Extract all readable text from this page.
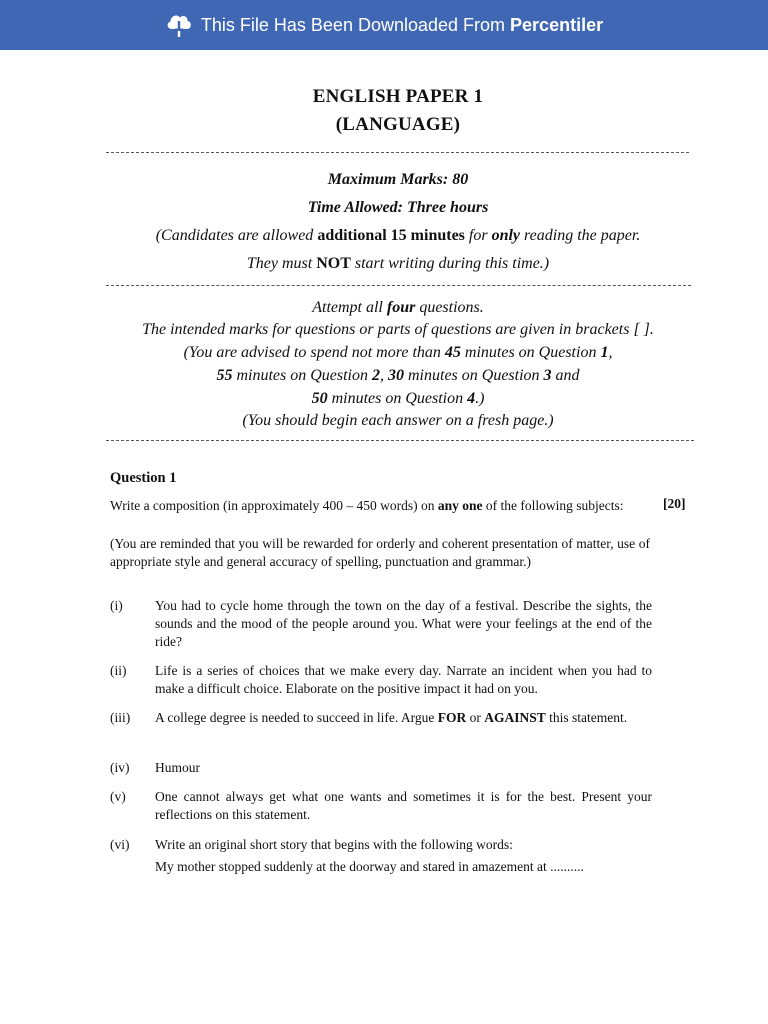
This File Has Been Downloaded From Percentiler
ENGLISH PAPER 1
(LANGUAGE)
Maximum Marks: 80
Time Allowed: Three hours
(Candidates are allowed additional 15 minutes for only reading the paper.
They must NOT start writing during this time.)
Attempt all four questions.
The intended marks for questions or parts of questions are given in brackets [ ].
(You are advised to spend not more than 45 minutes on Question 1,
55 minutes on Question 2, 30 minutes on Question 3 and
50 minutes on Question 4.)
(You should begin each answer on a fresh page.)
Question 1
Write a composition (in approximately 400 – 450 words) on any one of the following subjects:	[20]
(You are reminded that you will be rewarded for orderly and coherent presentation of matter, use of appropriate style and general accuracy of spelling, punctuation and grammar.)
(i) You had to cycle home through the town on the day of a festival. Describe the sights, the sounds and the mood of the people around you. What were your feelings at the end of the ride?
(ii) Life is a series of choices that we make every day. Narrate an incident when you had to make a difficult choice. Elaborate on the positive impact it had on you.
(iii) A college degree is needed to succeed in life. Argue FOR or AGAINST this statement.
(iv) Humour
(v) One cannot always get what one wants and sometimes it is for the best. Present your reflections on this statement.
(vi) Write an original short story that begins with the following words:
My mother stopped suddenly at the doorway and stared in amazement at ..........
